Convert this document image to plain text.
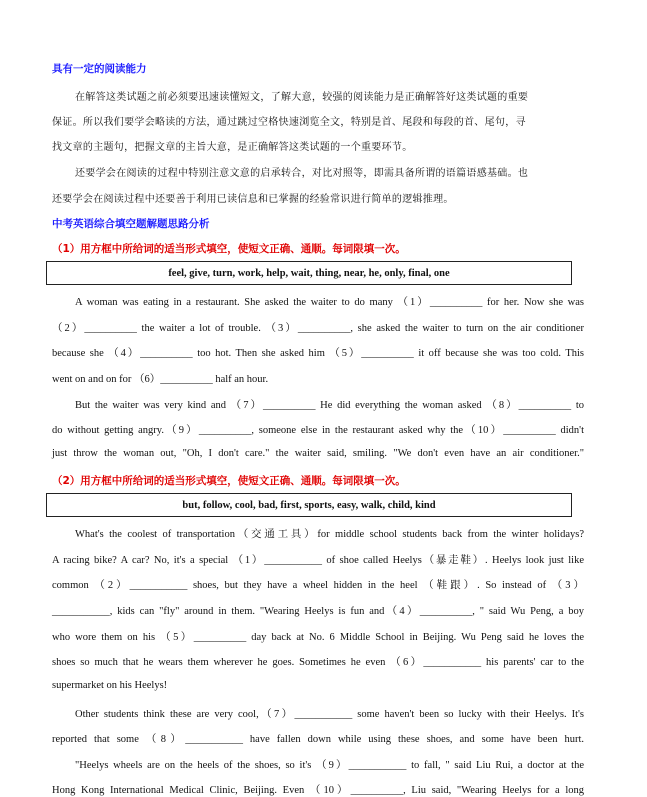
具有一定的阅读能力
在解答这类试题之前必须要迅速读懂短文，了解大意，较强的阅读能力是正确解答好这类试题的重要
保证。所以我们要学会略读的方法，通过跳过空格快速浏览全文，特别是首、尾段和每段的首、尾句，寻
找文章的主题句，把握文章的主旨大意，是正确解答这类试题的一个重要环节。
还要学会在阅读的过程中特别注意文意的启承转合，对比对照等，即需具备所谓的语篇语感基础。也
还要学会在阅读过程中还要善于利用已读信息和已掌握的经验常识进行简单的逻辑推理。
中考英语综合填空题解题思路分析
（1）用方框中所给词的适当形式填空，使短文正确、通顺。每词限填一次。
feel, give, turn, work, help, wait, thing, near, he, only, final, one
A woman was eating in a restaurant. She asked the waiter to do many （1）__________ for her. Now she was
（2）__________ the waiter a lot of trouble. （3）__________, she asked the waiter to turn on the air conditioner
because she （4）__________ too hot. Then she asked him （5）__________ it off because she was too cold. This
went on and on for （6）__________ half an hour.
But the waiter was very kind and （7）__________ He did everything the woman asked （8）__________ to
do without getting angry.（9）__________, someone else in the restaurant asked why the（10）__________ didn't
just throw the woman out, "Oh, I don't care." the waiter said, smiling. "We don't even have an air conditioner."
（2）用方框中所给词的适当形式填空，使短文正确、通顺。每词限填一次。
but, follow, cool, bad, first, sports, easy, walk, child, kind
What's the coolest of transportation（交通工具）for middle school students back from the winter holidays?
A racing bike? A car? No, it's a special （1）___________ of shoe called Heelys（暴走鞋）. Heelys look just like
common （2）___________ shoes, but they have a wheel hidden in the heel （鞋跟）. So instead of （3）
___________, kids can "fly" around in them. "Wearing Heelys is fun and（4）__________, " said Wu Peng, a boy
who wore them on his （5）__________ day back at No. 6 Middle School in Beijing. Wu Peng said he loves the
shoes so much that he wears them wherever he goes. Sometimes he even （6）___________ his parents' car to the
supermarket on his Heelys!
Other students think these are very cool,（7）___________ some haven't been so lucky with their Heelys. It's
reported that some （8）___________ have fallen down while using these shoes, and some have been hurt.
"Heelys wheels are on the heels of the shoes, so it's （9）___________ to fall, " said Liu Rui, a doctor at the
Hong Kong International Medical Clinic, Beijing. Even （10）__________, Liu said, "Wearing Heelys for a long
